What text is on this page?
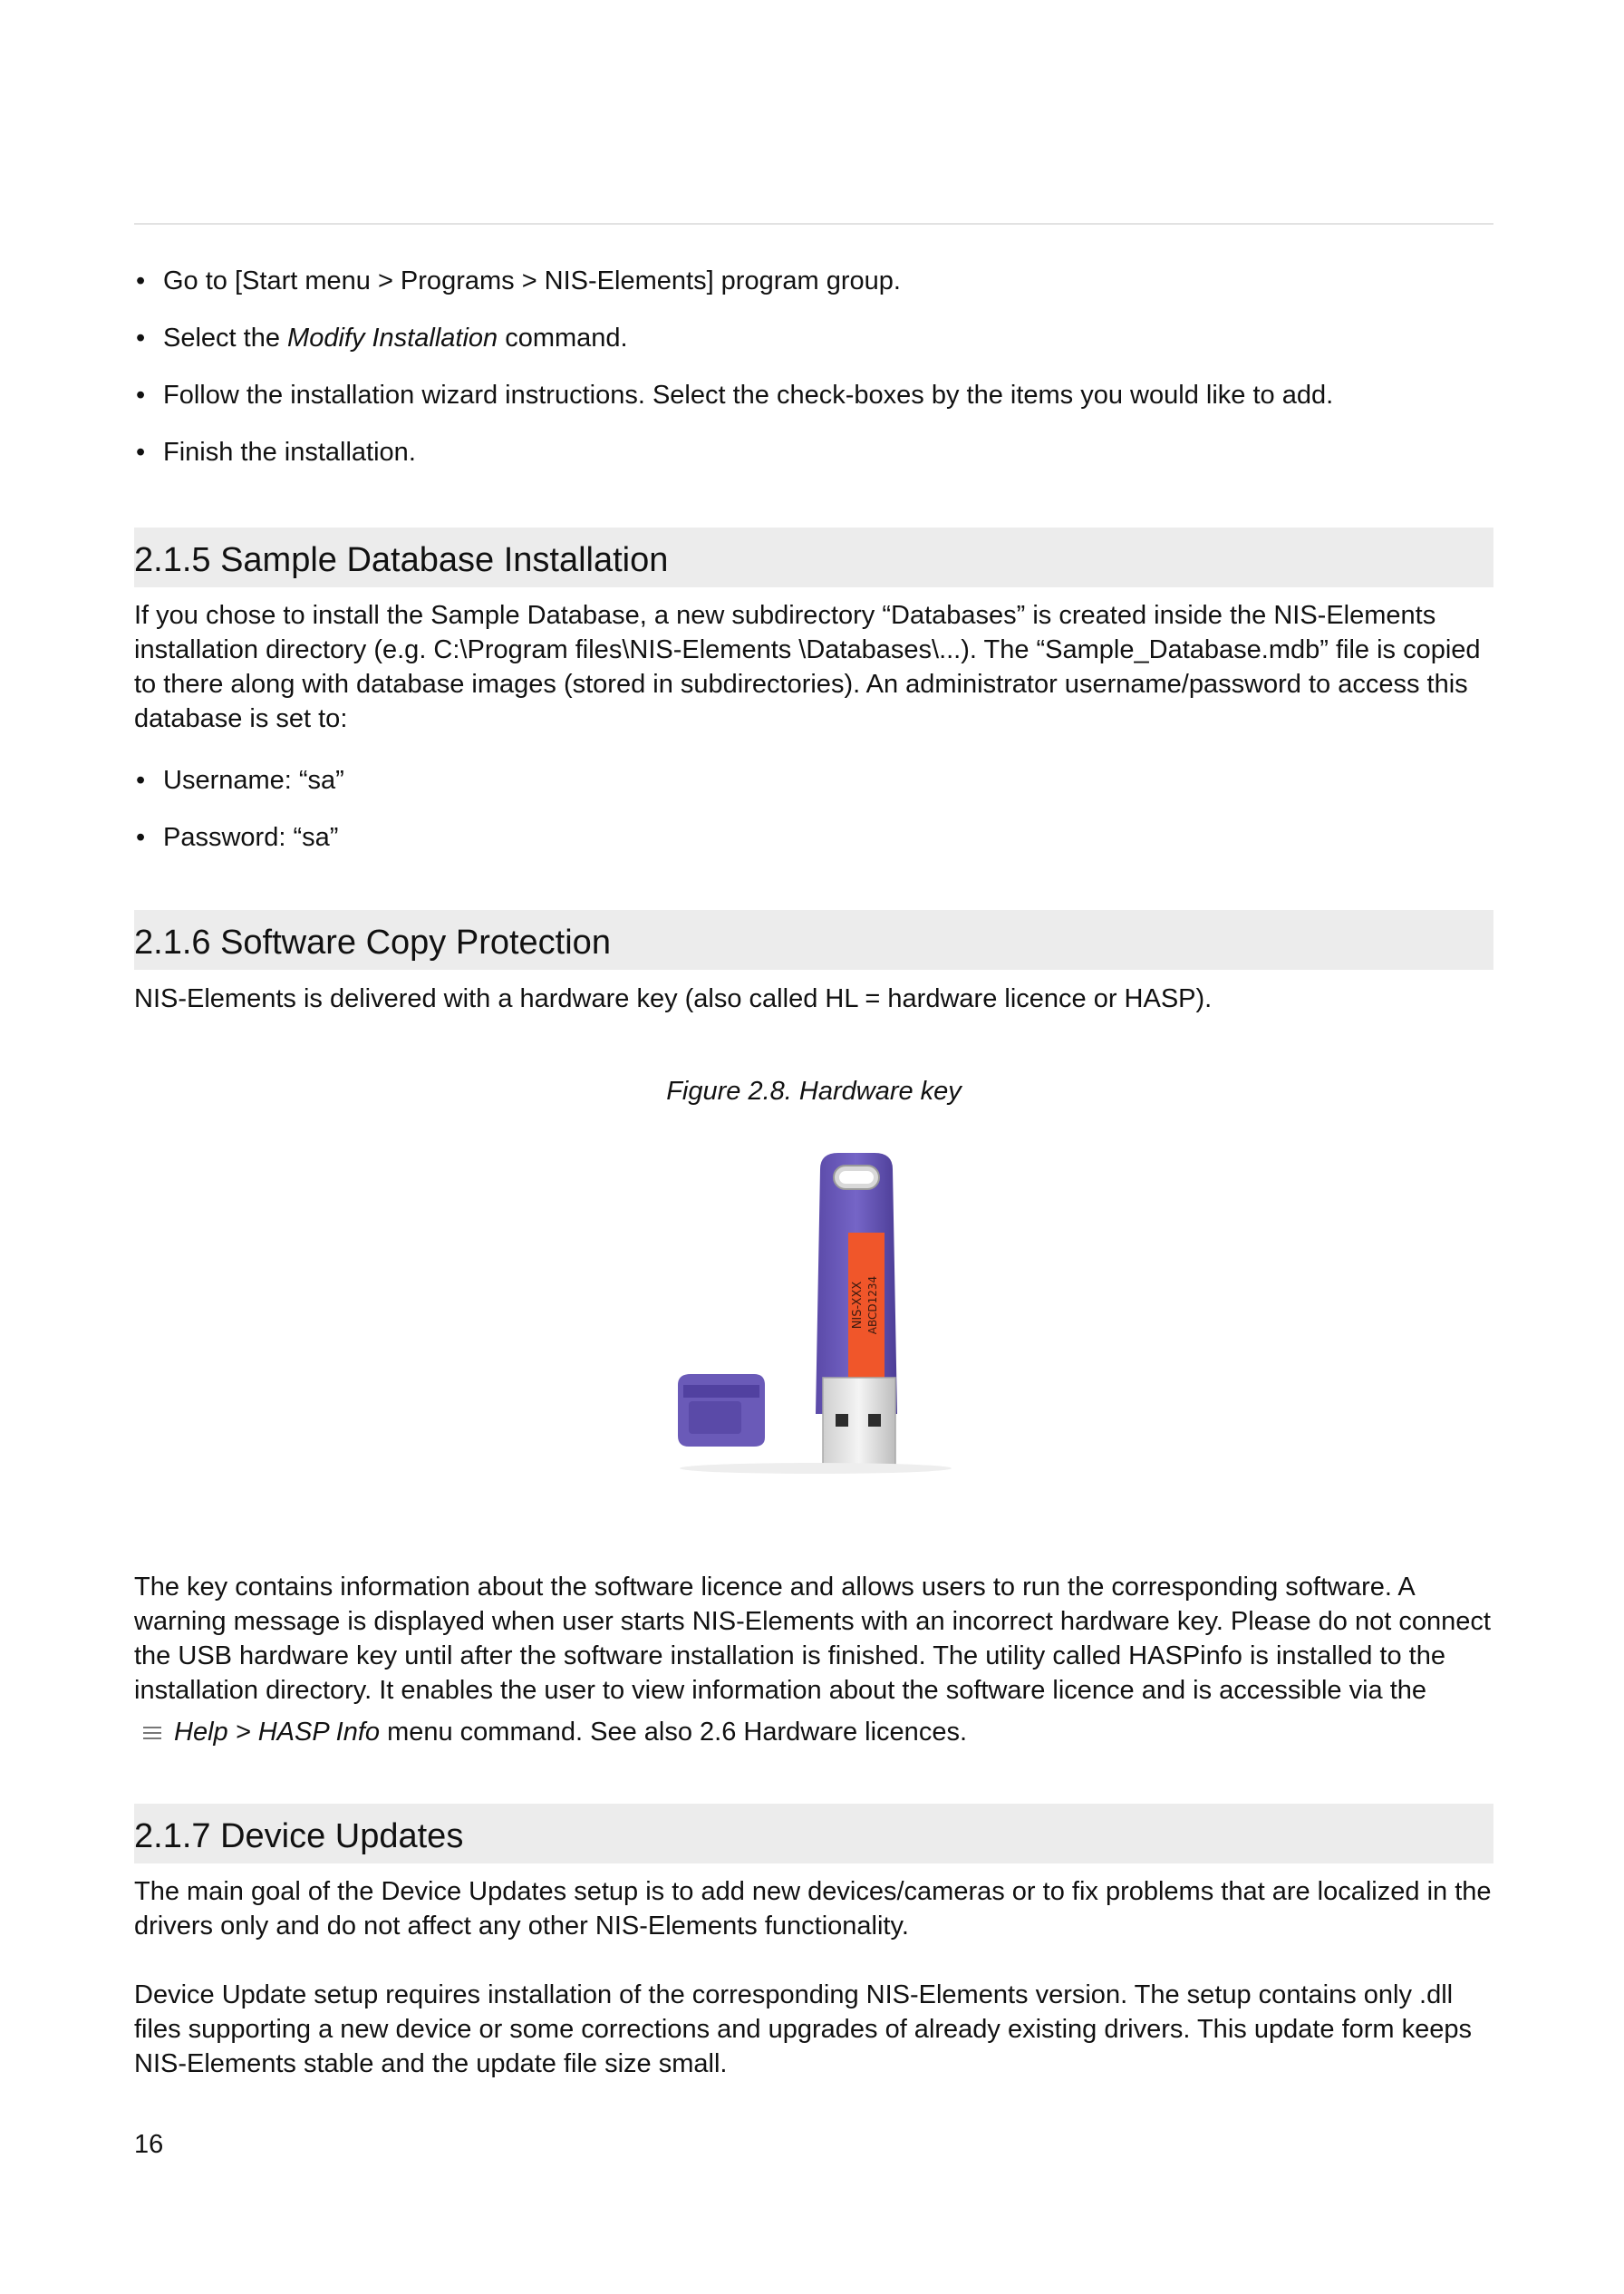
• Go to [Start menu > Programs > NIS-Elements] program group.
• Select the Modify Installation command.
• Follow the installation wizard instructions. Select the check-boxes by the items you would like to add.
• Finish the installation.
2.1.5 Sample Database Installation

If you chose to install the Sample Database, a new subdirectory “Databases” is created inside the NIS-Elements installation directory (e.g. C:\Program files\NIS-Elements \Databases\...). The “Sample_Database.mdb” file is copied to there along with database images (stored in subdirectories). An administrator username/password to access this database is set to:

• Username: “sa”
• Password: “sa”
2.1.6 Software Copy Protection

NIS-Elements is delivered with a hardware key (also called HL = hardware licence or HASP).

Figure 2.8. Hardware key
NIS-XXX ABCD1234

The key contains information about the software licence and allows users to run the corresponding software. A warning message is displayed when user starts NIS-Elements with an incorrect hardware key. Please do not connect the USB hardware key until after the software installation is finished. The utility called HASPinfo is installed to the installation directory. It enables the user to view information about the software licence and is accessible via the

Help > HASP Info menu command. See also 2.6 Hardware licences.
2.1.7 Device Updates

The main goal of the Device Updates setup is to add new devices/cameras or to fix problems that are localized in the drivers only and do not affect any other NIS-Elements functionality.

Device Update setup requires installation of the corresponding NIS-Elements version. The setup contains only .dll files supporting a new device or some corrections and upgrades of already existing drivers. This update form keeps NIS-Elements stable and the update file size small.

16
